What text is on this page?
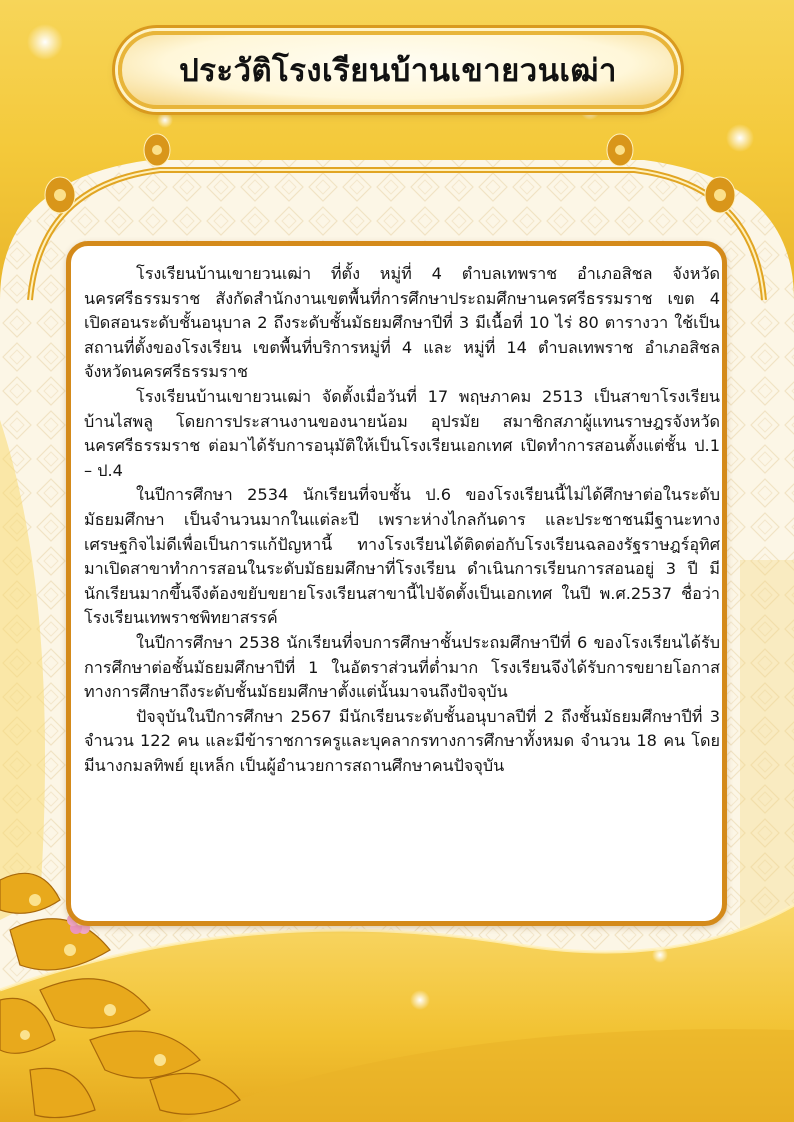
ประวัติโรงเรียนบ้านเขายวนเฒ่า

โรงเรียนบ้านเขายวนเฒ่า ที่ตั้ง หมู่ที่ 4 ตำบลเทพราช อำเภอสิชล จังหวัดนครศรีธรรมราช สังกัดสำนักงานเขตพื้นที่การศึกษาประถมศึกษานครศรีธรรมราช เขต 4 เปิดสอนระดับชั้นอนุบาล 2 ถึงระดับชั้นมัธยมศึกษาปีที่ 3 มีเนื้อที่ 10 ไร่ 80 ตารางวา ใช้เป็นสถานที่ตั้งของโรงเรียน เขตพื้นที่บริการหมู่ที่ 4 และ หมู่ที่ 14 ตำบลเทพราช อำเภอสิชล จังหวัดนครศรีธรรมราช

โรงเรียนบ้านเขายวนเฒ่า จัดตั้งเมื่อวันที่ 17 พฤษภาคม 2513 เป็นสาขาโรงเรียนบ้านไสพลู โดยการประสานงานของนายน้อม อุปรมัย สมาชิกสภาผู้แทนราษฎรจังหวัดนครศรีธรรมราช ต่อมาได้รับการอนุมัติให้เป็นโรงเรียนเอกเทศ เปิดทำการสอนตั้งแต่ชั้น ป.1 – ป.4

ในปีการศึกษา 2534 นักเรียนที่จบชั้น ป.6 ของโรงเรียนนี้ไม่ได้ศึกษาต่อในระดับมัธยมศึกษา เป็นจำนวนมากในแต่ละปี เพราะห่างไกลกันดาร และประชาชนมีฐานะทางเศรษฐกิจไม่ดีเพื่อเป็นการแก้ปัญหานี้ ทางโรงเรียนได้ติดต่อกับโรงเรียนฉลองรัฐราษฎร์อุทิศ มาเปิดสาขาทำการสอนในระดับมัธยมศึกษาที่โรงเรียน ดำเนินการเรียนการสอนอยู่ 3 ปี มีนักเรียนมากขึ้นจึงต้องขยับขยายโรงเรียนสาขานี้ไปจัดตั้งเป็นเอกเทศ ในปี พ.ศ.2537 ชื่อว่าโรงเรียนเทพราชพิทยาสรรค์

ในปีการศึกษา 2538 นักเรียนที่จบการศึกษาชั้นประถมศึกษาปีที่ 6 ของโรงเรียนได้รับการศึกษาต่อชั้นมัธยมศึกษาปีที่ 1 ในอัตราส่วนที่ต่ำมาก โรงเรียนจึงได้รับการขยายโอกาสทางการศึกษาถึงระดับชั้นมัธยมศึกษาตั้งแต่นั้นมาจนถึงปัจจุบัน

ปัจจุบันในปีการศึกษา 2567 มีนักเรียนระดับชั้นอนุบาลปีที่ 2 ถึงชั้นมัธยมศึกษาปีที่ 3 จำนวน 122 คน และมีข้าราชการครูและบุคลากรทางการศึกษาทั้งหมด จำนวน 18 คน โดยมีนางกมลทิพย์ ยุเหล็ก เป็นผู้อำนวยการสถานศึกษาคนปัจจุบัน
